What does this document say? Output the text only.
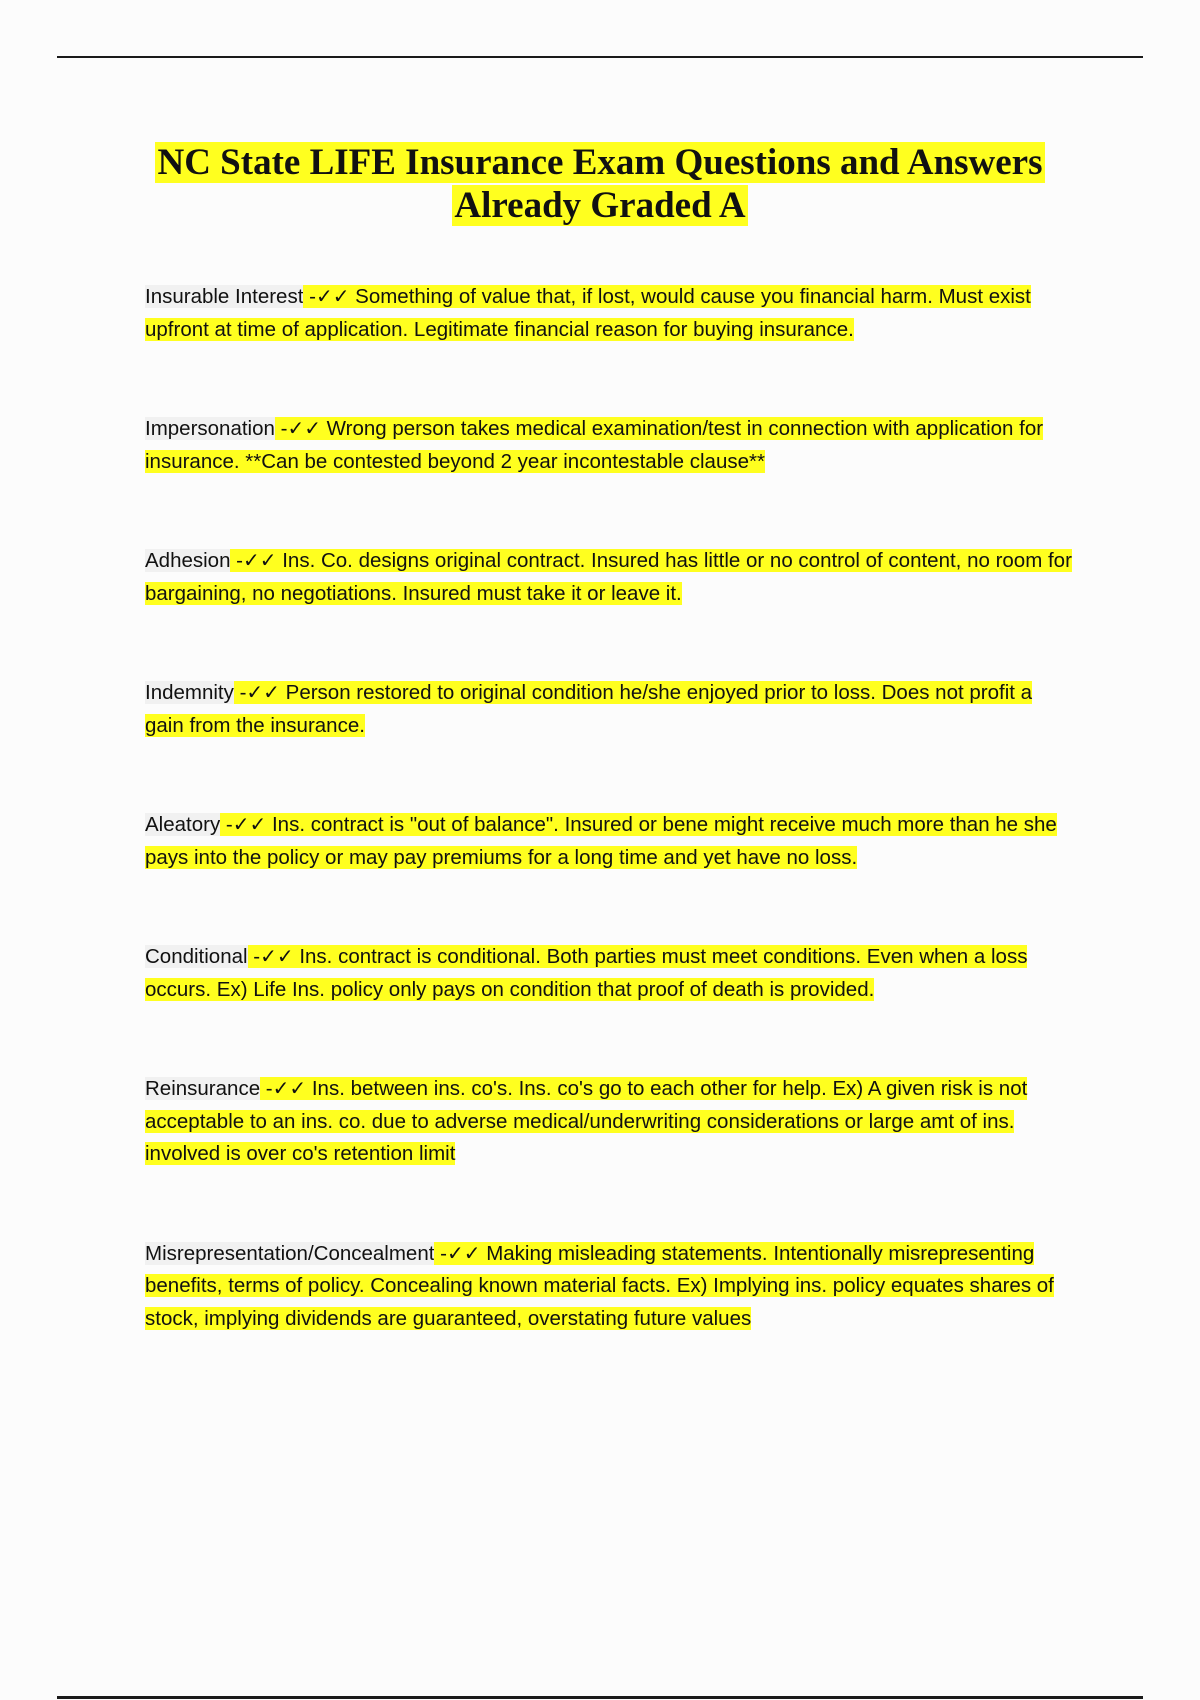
NC State LIFE Insurance Exam Questions and Answers
Already Graded A

Insurable Interest -✓✓ Something of value that, if lost, would cause you financial harm. Must exist upfront at time of application. Legitimate financial reason for buying insurance.

Impersonation -✓✓ Wrong person takes medical examination/test in connection with application for insurance. **Can be contested beyond 2 year incontestable clause**

Adhesion -✓✓ Ins. Co. designs original contract. Insured has little or no control of content, no room for bargaining, no negotiations. Insured must take it or leave it.

Indemnity -✓✓ Person restored to original condition he/she enjoyed prior to loss. Does not profit a gain from the insurance.

Aleatory -✓✓ Ins. contract is "out of balance". Insured or bene might receive much more than he she pays into the policy or may pay premiums for a long time and yet have no loss.

Conditional -✓✓ Ins. contract is conditional. Both parties must meet conditions. Even when a loss occurs. Ex) Life Ins. policy only pays on condition that proof of death is provided.

Reinsurance -✓✓ Ins. between ins. co's. Ins. co's go to each other for help. Ex) A given risk is not acceptable to an ins. co. due to adverse medical/underwriting considerations or large amt of ins. involved is over co's retention limit

Misrepresentation/Concealment -✓✓ Making misleading statements. Intentionally misrepresenting benefits, terms of policy. Concealing known material facts. Ex) Implying ins. policy equates shares of stock, implying dividends are guaranteed, overstating future values
